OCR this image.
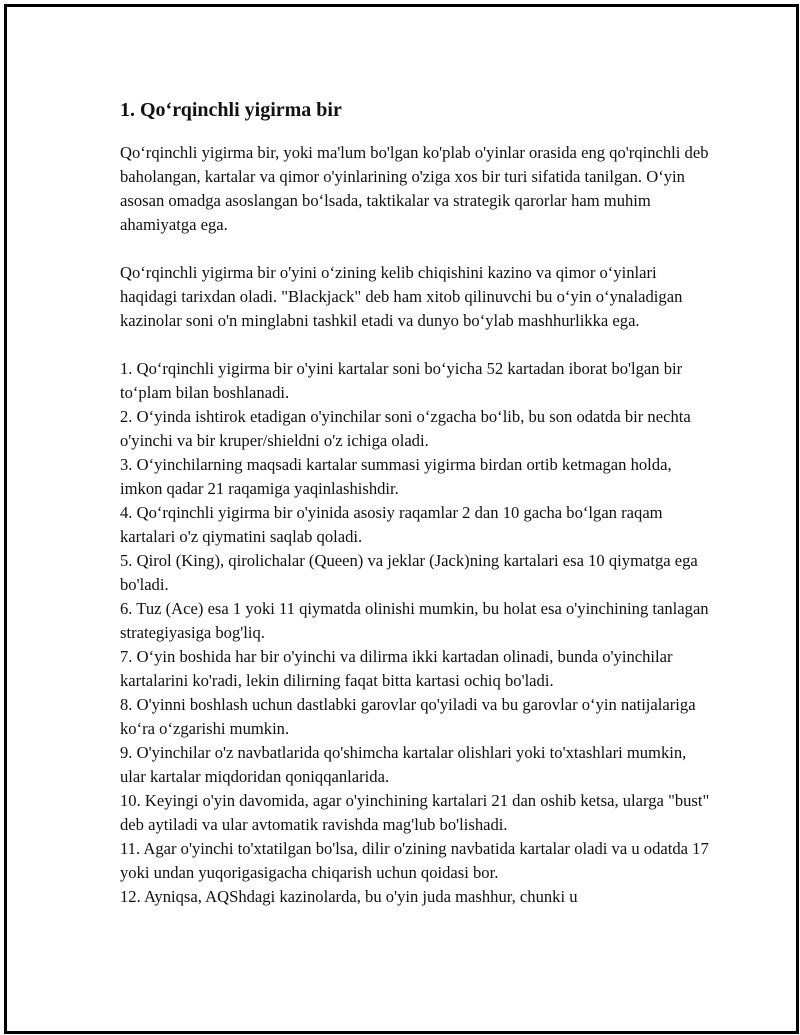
1. Qo‘rqinchli yigirma bir

Qo‘rqinchli yigirma bir, yoki ma'lum bo'lgan ko'plab o'yinlar orasida eng qo'rqinchli deb baholangan, kartalar va qimor o'yinlarining o'ziga xos bir turi sifatida tanilgan. O‘yin asosan omadga asoslangan bo‘lsada, taktikalar va strategik qarorlar ham muhim ahamiyatga ega.

Qo‘rqinchli yigirma bir o'yini o‘zining kelib chiqishini kazino va qimor o‘yinlari haqidagi tarixdan oladi. "Blackjack" deb ham xitob qilinuvchi bu o‘yin o‘ynaladigan kazinolar soni o'n minglabni tashkil etadi va dunyo bo‘ylab mashhurlikka ega.

1. Qo‘rqinchli yigirma bir o'yini kartalar soni bo‘yicha 52 kartadan iborat bo'lgan bir to‘plam bilan boshlanadi.
2. O‘yinda ishtirok etadigan o'yinchilar soni o‘zgacha bo‘lib, bu son odatda bir nechta o'yinchi va bir kruper/shieldni o'z ichiga oladi.
3. O‘yinchilarning maqsadi kartalar summasi yigirma birdan ortib ketmagan holda, imkon qadar 21 raqamiga yaqinlashishdir.
4. Qo‘rqinchli yigirma bir o'yinida asosiy raqamlar 2 dan 10 gacha bo‘lgan raqam kartalari o'z qiymatini saqlab qoladi.
5. Qirol (King), qirolichalar (Queen) va jeklar (Jack)ning kartalari esa 10 qiymatga ega bo'ladi.
6. Tuz (Ace) esa 1 yoki 11 qiymatda olinishi mumkin, bu holat esa o'yinchining tanlagan strategiyasiga bog'liq.
7. O‘yin boshida har bir o'yinchi va dilirma ikki kartadan olinadi, bunda o'yinchilar kartalarini ko'radi, lekin dilirning faqat bitta kartasi ochiq bo'ladi.
8. O'yinni boshlash uchun dastlabki garovlar qo'yiladi va bu garovlar o‘yin natijalariga ko‘ra o‘zgarishi mumkin.
9. O'yinchilar o'z navbatlarida qo'shimcha kartalar olishlari yoki to'xtashlari mumkin, ular kartalar miqdoridan qoniqqanlarida.
10. Keyingi o'yin davomida, agar o'yinchining kartalari 21 dan oshib ketsa, ularga "bust" deb aytiladi va ular avtomatik ravishda mag'lub bo'lishadi.
11. Agar o'yinchi to'xtatilgan bo'lsa, dilir o'zining navbatida kartalar oladi va u odatda 17 yoki undan yuqorigasigacha chiqarish uchun qoidasi bor.
12. Ayniqsa, AQShdagi kazinolarda, bu o'yin juda mashhur, chunki u
